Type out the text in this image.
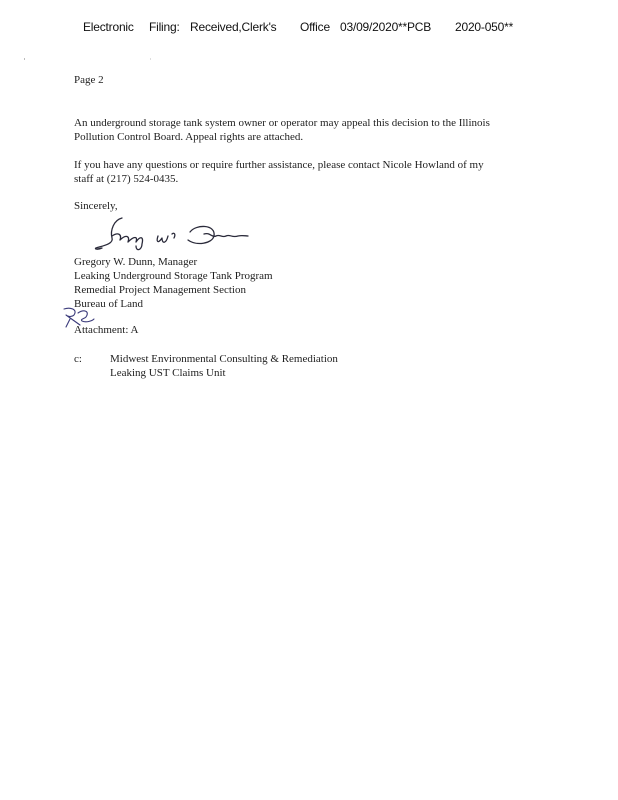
Electronic Filing: Received,Clerk's Office 03/09/2020**PCB 2020-050**
Page 2
An underground storage tank system owner or operator may appeal this decision to the Illinois
Pollution Control Board. Appeal rights are attached.
If you have any questions or require further assistance, please contact Nicole Howland of my
staff at (217) 524-0435.
Sincerely,
Gregory W. Dunn, Manager
Leaking Underground Storage Tank Program
Remedial Project Management Section
Bureau of Land
Attachment: A
c:	Midwest Environmental Consulting & Remediation
Leaking UST Claims Unit
